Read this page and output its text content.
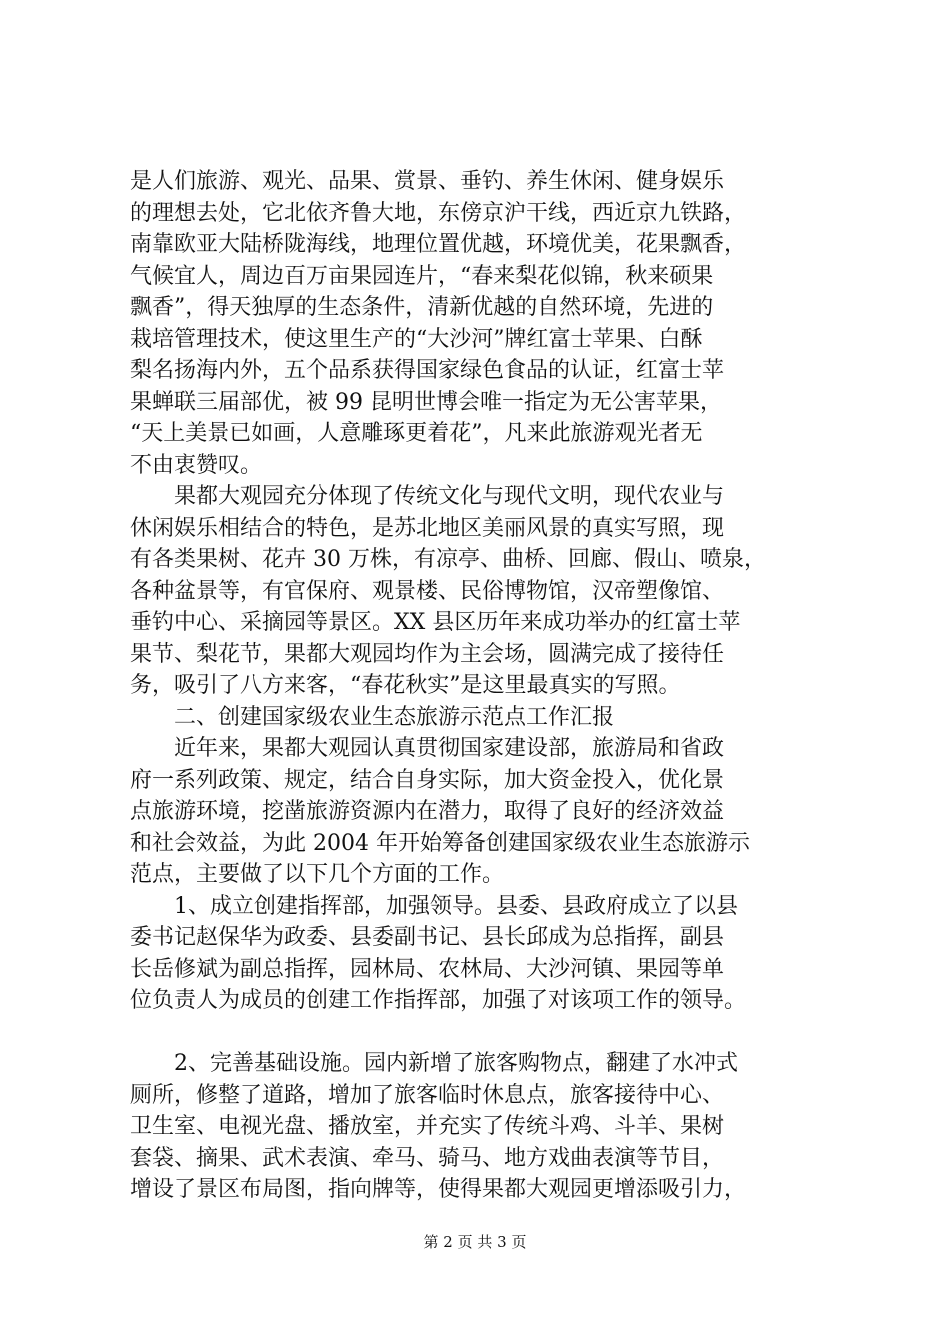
是人们旅游、观光、品果、赏景、垂钓、养生休闲、健身娱乐
的理想去处，它北依齐鲁大地，东傍京沪干线，西近京九铁路，
南靠欧亚大陆桥陇海线，地理位置优越，环境优美，花果飘香，
气候宜人，周边百万亩果园连片，“春来梨花似锦，秋来硕果
飘香”，得天独厚的生态条件，清新优越的自然环境，先进的
栽培管理技术，使这里生产的“大沙河”牌红富士苹果、白酥
梨名扬海内外，五个品系获得国家绿色食品的认证，红富士苹
果蝉联三届部优，被 99 昆明世博会唯一指定为无公害苹果，
“天上美景已如画，人意雕琢更着花”，凡来此旅游观光者无
不由衷赞叹。
果都大观园充分体现了传统文化与现代文明，现代农业与
休闲娱乐相结合的特色，是苏北地区美丽风景的真实写照，现
有各类果树、花卉 30 万株，有凉亭、曲桥、回廊、假山、喷泉，
各种盆景等，有官保府、观景楼、民俗博物馆，汉帝塑像馆、
垂钓中心、采摘园等景区。XX 县区历年来成功举办的红富士苹
果节、梨花节，果都大观园均作为主会场，圆满完成了接待任
务，吸引了八方来客，“春花秋实”是这里最真实的写照。
二、创建国家级农业生态旅游示范点工作汇报
近年来，果都大观园认真贯彻国家建设部，旅游局和省政
府一系列政策、规定，结合自身实际，加大资金投入，优化景
点旅游环境，挖凿旅游资源内在潜力，取得了良好的经济效益
和社会效益，为此 2004 年开始筹备创建国家级农业生态旅游示
范点，主要做了以下几个方面的工作。
1、成立创建指挥部，加强领导。县委、县政府成立了以县
委书记赵保华为政委、县委副书记、县长邱成为总指挥，副县
长岳修斌为副总指挥，园林局、农林局、大沙河镇、果园等单
位负责人为成员的创建工作指挥部，加强了对该项工作的领导。
2、完善基础设施。园内新增了旅客购物点，翻建了水冲式
厕所，修整了道路，增加了旅客临时休息点，旅客接待中心、
卫生室、电视光盘、播放室，并充实了传统斗鸡、斗羊、果树
套袋、摘果、武术表演、牵马、骑马、地方戏曲表演等节目，
增设了景区布局图，指向牌等，使得果都大观园更增添吸引力，
第 2 页 共 3 页
